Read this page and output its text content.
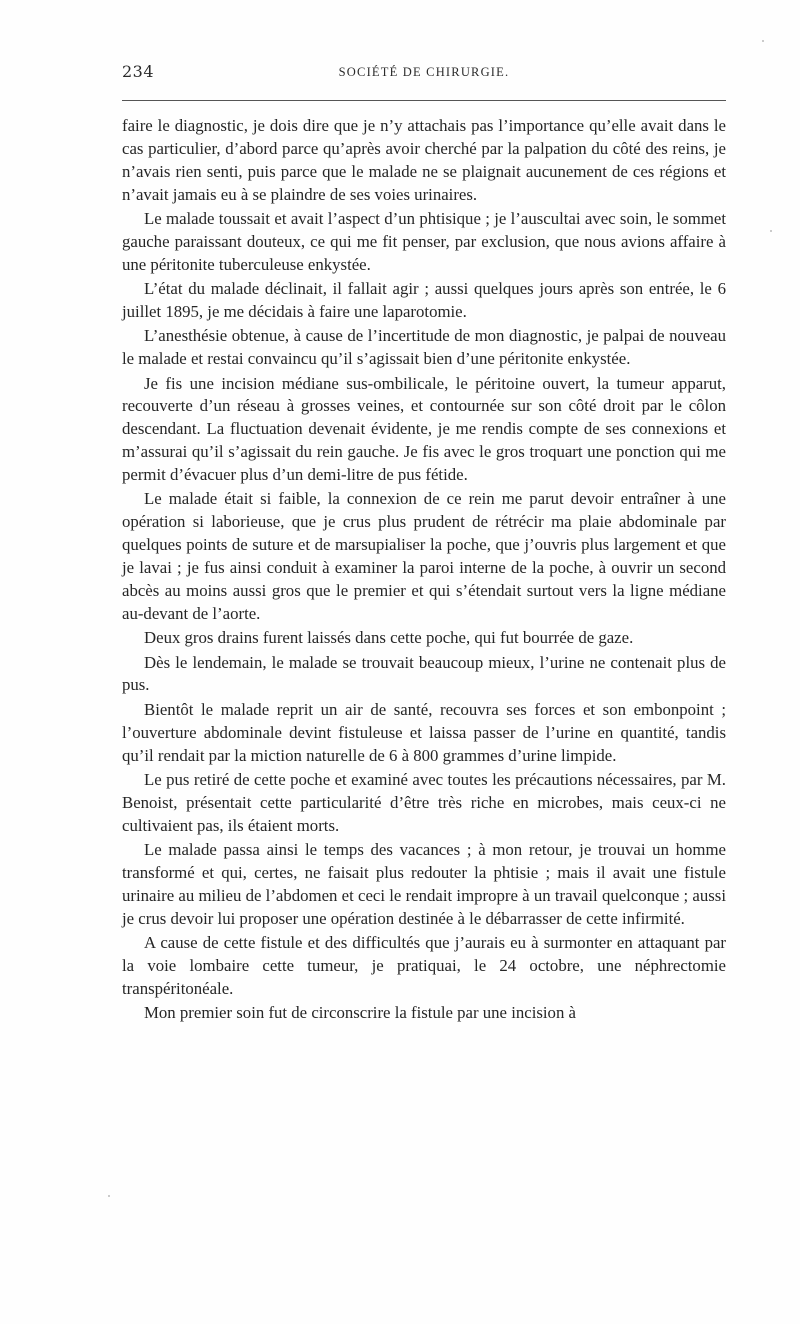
234	SOCIÉTÉ DE CHIRURGIE.

faire le diagnostic, je dois dire que je n’y attachais pas l’importance qu’elle avait dans le cas particulier, d’abord parce qu’après avoir cherché par la palpation du côté des reins, je n’avais rien senti, puis parce que le malade ne se plaignait aucunement de ces régions et n’avait jamais eu à se plaindre de ses voies urinaires.

Le malade toussait et avait l’aspect d’un phtisique ; je l’auscultai avec soin, le sommet gauche paraissant douteux, ce qui me fit penser, par exclusion, que nous avions affaire à une péritonite tuberculeuse enkystée.

L’état du malade déclinait, il fallait agir ; aussi quelques jours après son entrée, le 6 juillet 1895, je me décidais à faire une laparotomie.

L’anesthésie obtenue, à cause de l’incertitude de mon diagnostic, je palpai de nouveau le malade et restai convaincu qu’il s’agissait bien d’une péritonite enkystée.

Je fis une incision médiane sus-ombilicale, le péritoine ouvert, la tumeur apparut, recouverte d’un réseau à grosses veines, et contournée sur son côté droit par le côlon descendant. La fluctuation devenait évidente, je me rendis compte de ses connexions et m’assurai qu’il s’agissait du rein gauche. Je fis avec le gros troquart une ponction qui me permit d’évacuer plus d’un demi-litre de pus fétide.

Le malade était si faible, la connexion de ce rein me parut devoir entraîner à une opération si laborieuse, que je crus plus prudent de rétrécir ma plaie abdominale par quelques points de suture et de marsupialiser la poche, que j’ouvris plus largement et que je lavai ; je fus ainsi conduit à examiner la paroi interne de la poche, à ouvrir un second abcès au moins aussi gros que le premier et qui s’étendait surtout vers la ligne médiane au-devant de l’aorte.

Deux gros drains furent laissés dans cette poche, qui fut bourrée de gaze.

Dès le lendemain, le malade se trouvait beaucoup mieux, l’urine ne contenait plus de pus.

Bientôt le malade reprit un air de santé, recouvra ses forces et son embonpoint ; l’ouverture abdominale devint fistuleuse et laissa passer de l’urine en quantité, tandis qu’il rendait par la miction naturelle de 6 à 800 grammes d’urine limpide.

Le pus retiré de cette poche et examiné avec toutes les précautions nécessaires, par M. Benoist, présentait cette particularité d’être très riche en microbes, mais ceux-ci ne cultivaient pas, ils étaient morts.

Le malade passa ainsi le temps des vacances ; à mon retour, je trouvai un homme transformé et qui, certes, ne faisait plus redouter la phtisie ; mais il avait une fistule urinaire au milieu de l’abdomen et ceci le rendait impropre à un travail quelconque ; aussi je crus devoir lui proposer une opération destinée à le débarrasser de cette infirmité.

A cause de cette fistule et des difficultés que j’aurais eu à surmonter en attaquant par la voie lombaire cette tumeur, je pratiquai, le 24 octobre, une néphrectomie transpéritonéale.

Mon premier soin fut de circonscrire la fistule par une incision à
